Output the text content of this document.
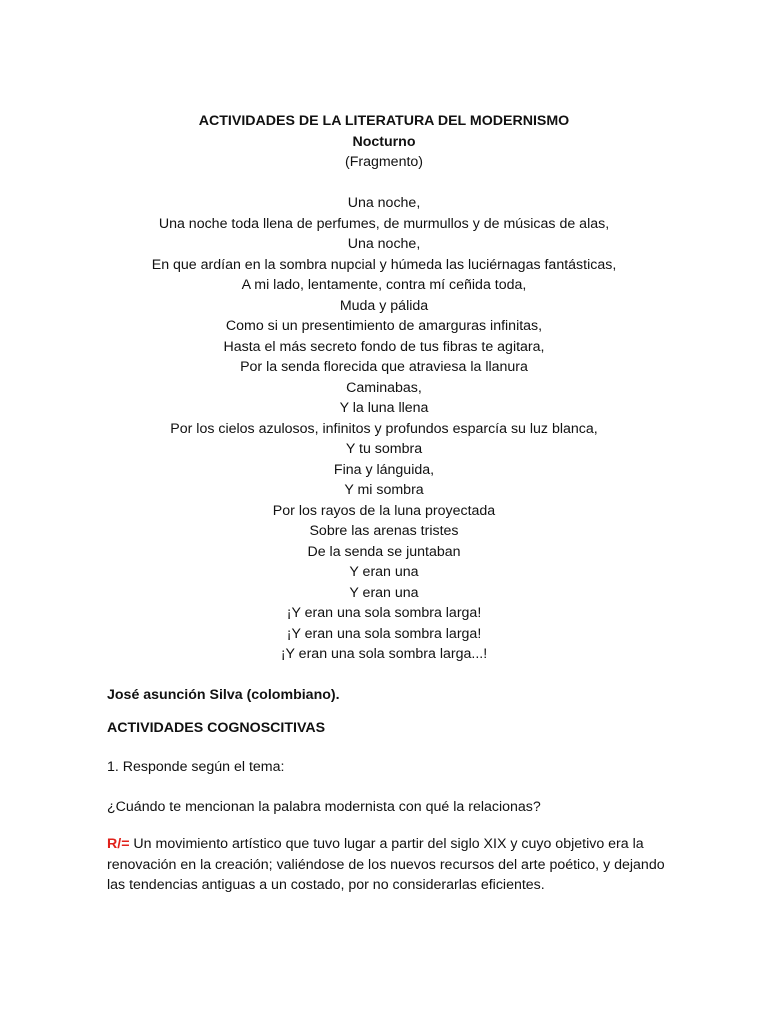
ACTIVIDADES DE LA LITERATURA DEL MODERNISMO
Nocturno
(Fragmento)
Una noche,
Una noche toda llena de perfumes, de murmullos y de músicas de alas,
Una noche,
En que ardían en la sombra nupcial y húmeda las luciérnagas fantásticas,
A mi lado, lentamente, contra mí ceñida toda,
Muda y pálida
Como si un presentimiento de amarguras infinitas,
Hasta el más secreto fondo de tus fibras te agitara,
Por la senda florecida que atraviesa la llanura
Caminabas,
Y la luna llena
Por los cielos azulosos, infinitos y profundos esparcía su luz blanca,
Y tu sombra
Fina y lánguida,
Y mi sombra
Por los rayos de la luna proyectada
Sobre las arenas tristes
De la senda se juntaban
Y eran una
Y eran una
¡Y eran una sola sombra larga!
¡Y eran una sola sombra larga!
¡Y eran una sola sombra larga...!
José asunción Silva (colombiano).
ACTIVIDADES COGNOSCITIVAS
1. Responde según el tema:
¿Cuándo te mencionan la palabra modernista con qué la relacionas?
R/= Un movimiento artístico que tuvo lugar a partir del siglo XIX y cuyo objetivo era la renovación en la creación; valiéndose de los nuevos recursos del arte poético, y dejando las tendencias antiguas a un costado, por no considerarlas eficientes.
